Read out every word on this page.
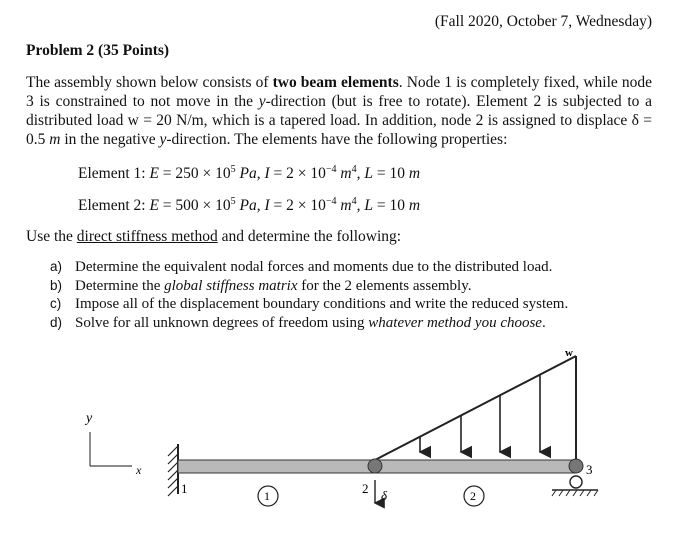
(Fall 2020, October 7, Wednesday)
Problem 2 (35 Points)
The assembly shown below consists of two beam elements. Node 1 is completely fixed, while node 3 is constrained to not move in the y-direction (but is free to rotate). Element 2 is subjected to a distributed load w = 20 N/m, which is a tapered load. In addition, node 2 is assigned to displace δ = 0.5 m in the negative y-direction. The elements have the following properties:
Element 1: $E = 250 \times 10^5$ Pa, $I = 2 \times 10^{-4}$ $m^4$, L = 10 m
Element 2: $E = 500 \times 10^5$ Pa, $I = 2 \times 10^{-4}$ $m^4$, L = 10 m
Use the direct stiffness method and determine the following:
a) Determine the equivalent nodal forces and moments due to the distributed load.
b) Determine the global stiffness matrix for the 2 elements assembly.
c) Impose all of the displacement boundary conditions and write the reduced system.
d) Solve for all unknown degrees of freedom using whatever method you choose.
y
x
w
1	2
3
δ
1	2
